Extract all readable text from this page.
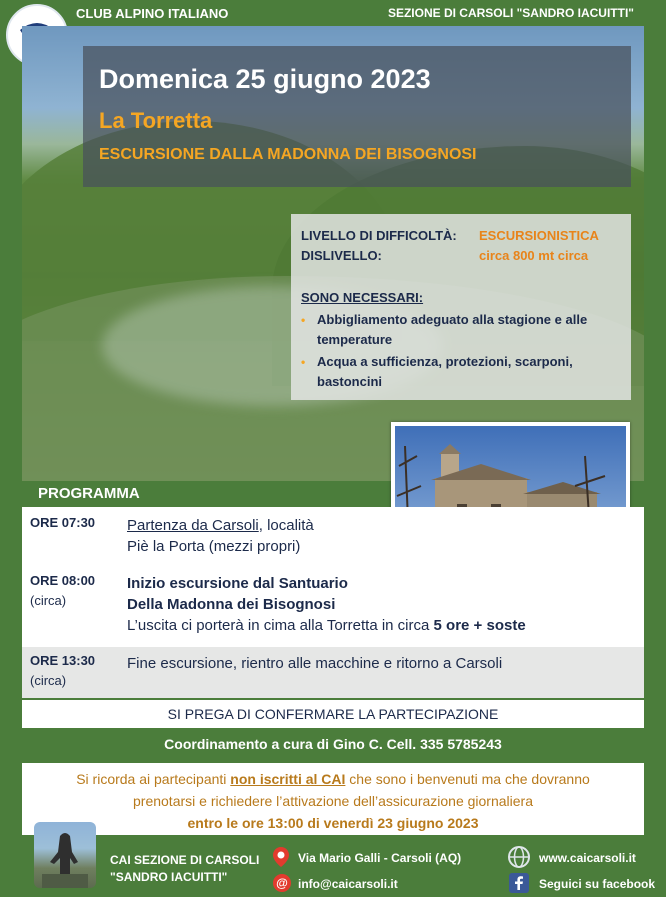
CLUB ALPINO ITALIANO	SEZIONE DI CARSOLI "SANDRO IACUITTI"
Domenica 25 giugno 2023
La Torretta
ESCURSIONE DALLA MADONNA DEI BISOGNOSI
LIVELLO DI DIFFICOLTÀ: ESCURSIONISTICA
DISLIVELLO:	circa 800 mt circa
SONO NECESSARI:
• Abbigliamento adeguato alla stagione e alle temperature
• Acqua a sufficienza, protezioni, scarponi, bastoncini
PROGRAMMA
ORE 07:30 Partenza da Carsoli, località
Piè la Porta (mezzi propri)
ORE 08:00
(circa)
Inizio escursione dal Santuario
Della Madonna dei Bisognosi
L’uscita ci porterà in cima alla Torretta in circa 5 ore + soste
ORE 13:30
(circa)
Fine escursione, rientro alle macchine e ritorno a Carsoli
SI PREGA DI CONFERMARE LA PARTECIPAZIONE
Coordinamento a cura di Gino C. Cell. 335 5785243
Si ricorda ai partecipanti non iscritti al CAI che sono i benvenuti ma che dovranno
prenotarsi e richiedere l’attivazione dell’assicurazione giornaliera
entro le ore 13:00 di venerdì 23 giugno 2023
CAI SEZIONE DI CARSOLI
"SANDRO IACUITTI"
Via Mario Galli - Carsoli (AQ)
@ info@caicarsoli.it
www.caicarsoli.it
Seguici su facebook
